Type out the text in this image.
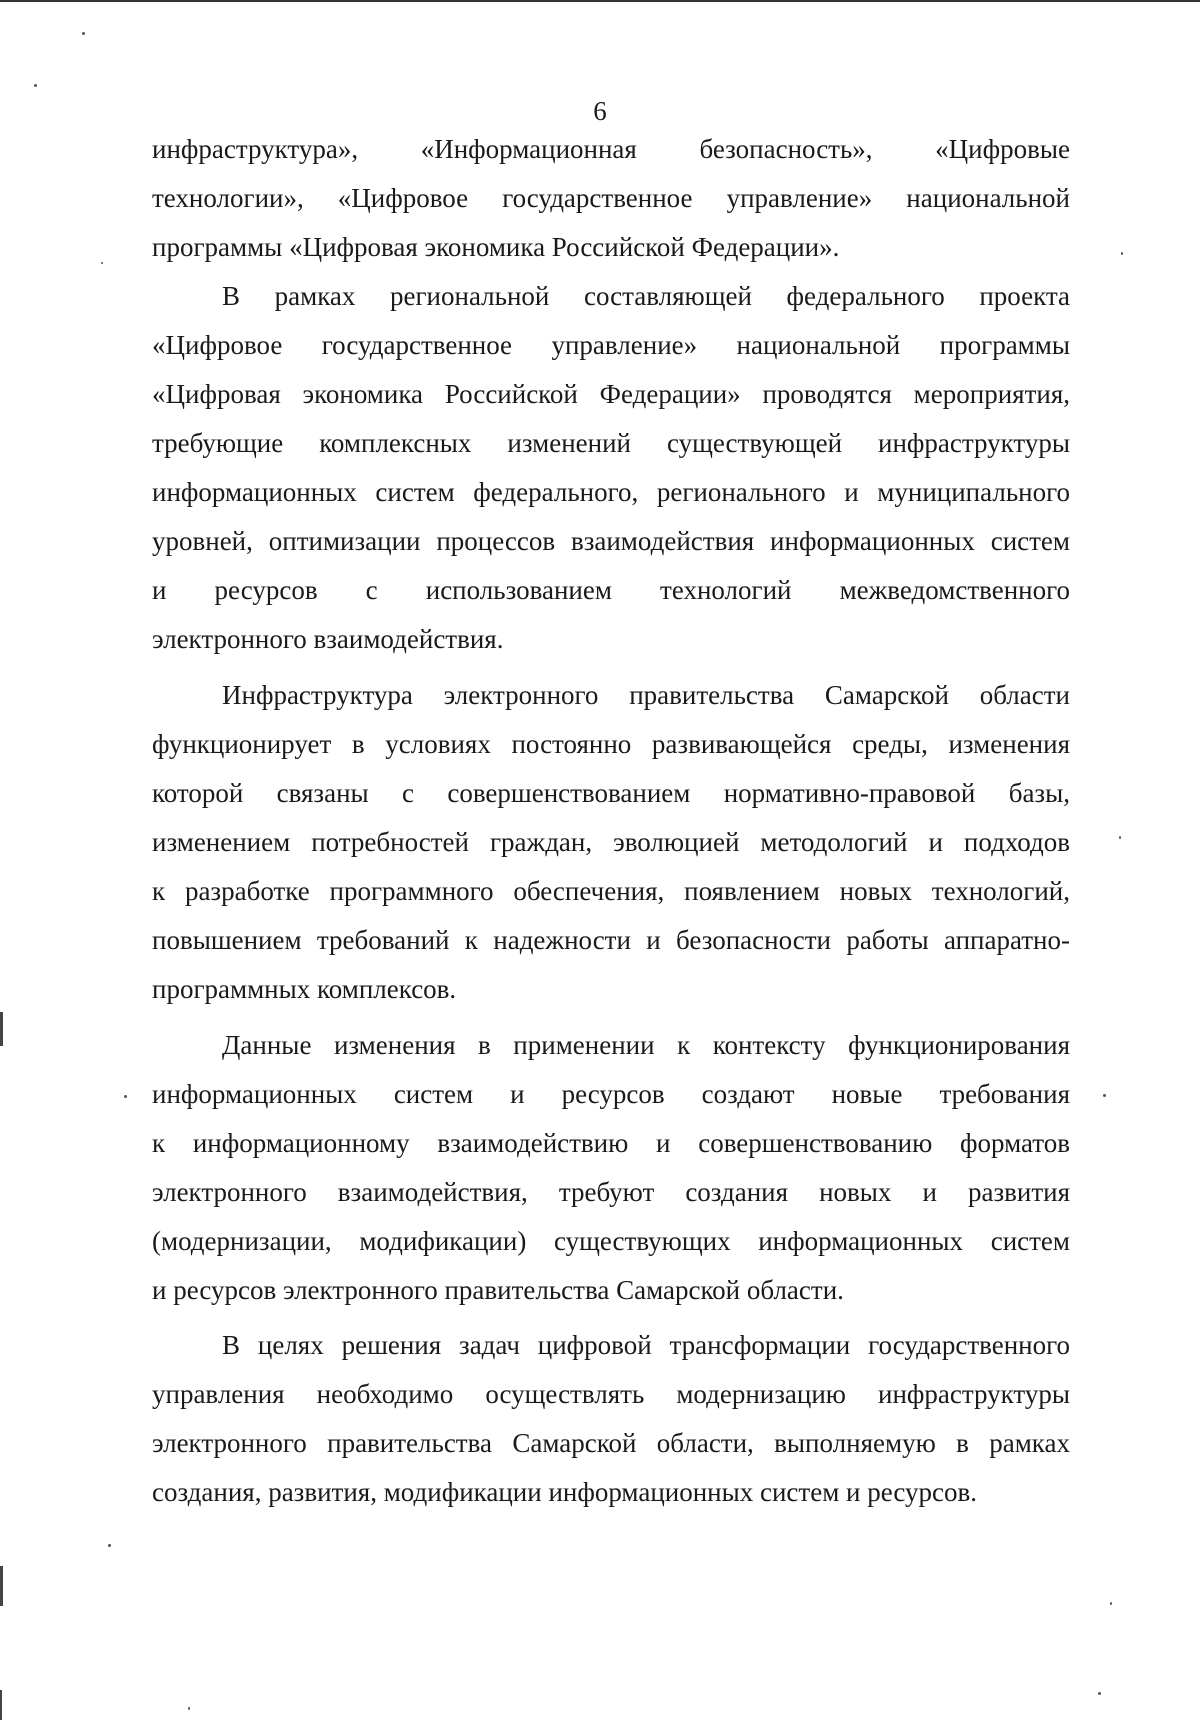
6
инфраструктура», «Информационная безопасность», «Цифровые
технологии», «Цифровое государственное управление» национальной
программы «Цифровая экономика Российской Федерации».
В рамках региональной составляющей федерального проекта
«Цифровое государственное управление» национальной программы
«Цифровая экономика Российской Федерации» проводятся мероприятия,
требующие комплексных изменений существующей инфраструктуры
информационных систем федерального, регионального и муниципального
уровней, оптимизации процессов взаимодействия информационных систем
и ресурсов с использованием технологий межведомственного
электронного взаимодействия.
Инфраструктура электронного правительства Самарской области
функционирует в условиях постоянно развивающейся среды, изменения
которой связаны с совершенствованием нормативно-правовой базы,
изменением потребностей граждан, эволюцией методологий и подходов
к разработке программного обеспечения, появлением новых технологий,
повышением требований к надежности и безопасности работы аппаратно-
программных комплексов.
Данные изменения в применении к контексту функционирования
информационных систем и ресурсов создают новые требования
к информационному взаимодействию и совершенствованию форматов
электронного взаимодействия, требуют создания новых и развития
(модернизации, модификации) существующих информационных систем
и ресурсов электронного правительства Самарской области.
В целях решения задач цифровой трансформации государственного
управления необходимо осуществлять модернизацию инфраструктуры
электронного правительства Самарской области, выполняемую в рамках
создания, развития, модификации информационных систем и ресурсов.
